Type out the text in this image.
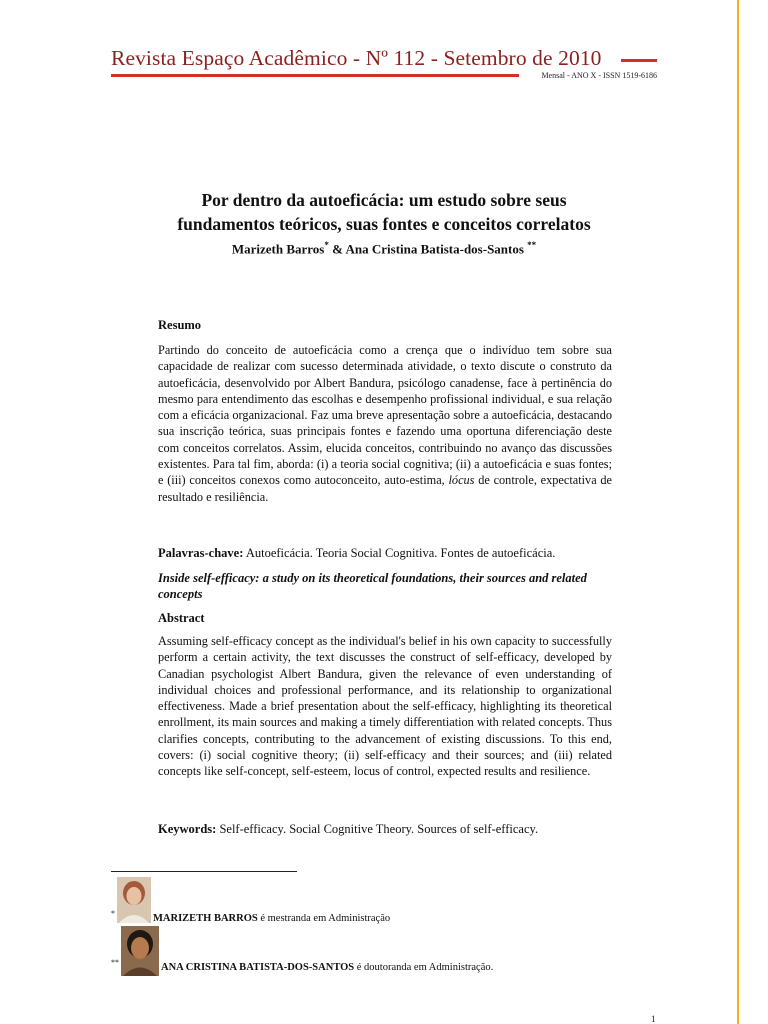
Revista Espaço Acadêmico - Nº 112 - Setembro de 2010
Mensal - ANO X - ISSN 1519-6186
Por dentro da autoeficácia: um estudo sobre seus
fundamentos teóricos, suas fontes e conceitos correlatos
Marizeth Barros* & Ana Cristina Batista-dos-Santos **
Resumo
Partindo do conceito de autoeficácia como a crença que o indivíduo tem sobre sua capacidade de realizar com sucesso determinada atividade, o texto discute o construto da autoeficácia, desenvolvido por Albert Bandura, psicólogo canadense, face à pertinência do mesmo para entendimento das escolhas e desempenho profissional individual, e sua relação com a eficácia organizacional. Faz uma breve apresentação sobre a autoeficácia, destacando sua inscrição teórica, suas principais fontes e fazendo uma oportuna diferenciação deste com conceitos correlatos. Assim, elucida conceitos, contribuindo no avanço das discussões existentes. Para tal fim, aborda: (i) a teoria social cognitiva; (ii) a autoeficácia e suas fontes; e (iii) conceitos conexos como autoconceito, auto-estima, lócus de controle, expectativa de resultado e resiliência.
Palavras-chave: Autoeficácia. Teoria Social Cognitiva. Fontes de autoeficácia.
Inside self-efficacy: a study on its theoretical foundations, their sources and related concepts
Abstract
Assuming self-efficacy concept as the individual's belief in his own capacity to successfully perform a certain activity, the text discusses the construct of self-efficacy, developed by Canadian psychologist Albert Bandura, given the relevance of even understanding of individual choices and professional performance, and its relationship to organizational effectiveness. Made a brief presentation about the self-efficacy, highlighting its theoretical enrollment, its main sources and making a timely differentiation with related concepts. Thus clarifies concepts, contributing to the advancement of existing discussions. To this end, covers: (i) social cognitive theory; (ii) self-efficacy and their sources; and (iii) related concepts like self-concept, self-esteem, locus of control, expected results and resilience.
Keywords: Self-efficacy. Social Cognitive Theory. Sources of self-efficacy.
*	MARIZETH BARROS é mestranda em Administração
**	ANA CRISTINA BATISTA-DOS-SANTOS é doutoranda em Administração.
1
